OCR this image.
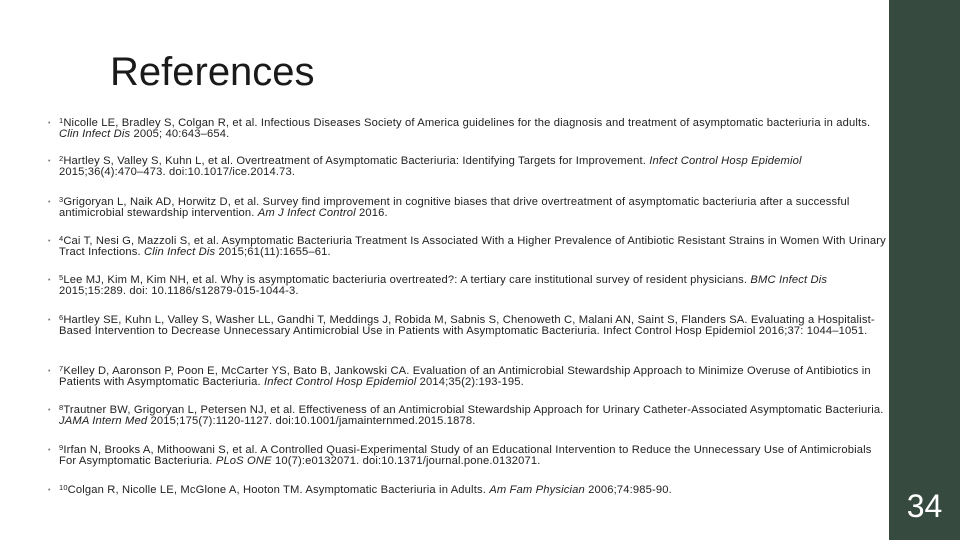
References
• $^1$Nicolle LE, Bradley S, Colgan R, et al. Infectious Diseases Society of America guidelines for the diagnosis and treatment of asymptomatic bacteriuria in adults. Clin Infect Dis 2005; 40:643–654.
• $^2$Hartley S, Valley S, Kuhn L, et al. Overtreatment of Asymptomatic Bacteriuria: Identifying Targets for Improvement. Infect Control Hosp Epidemiol 2015;36(4):470–473. doi:10.1017/ice.2014.73.
• $^3$Grigoryan L, Naik AD, Horwitz D, et al. Survey find improvement in cognitive biases that drive overtreatment of asymptomatic bacteriuria after a successful antimicrobial stewardship intervention. Am J Infect Control 2016.
• $^4$Cai T, Nesi G, Mazzoli S, et al. Asymptomatic Bacteriuria Treatment Is Associated With a Higher Prevalence of Antibiotic Resistant Strains in Women With Urinary Tract Infections. Clin Infect Dis 2015;61(11):1655–61.
• $^5$Lee MJ, Kim M, Kim NH, et al. Why is asymptomatic bacteriuria overtreated?: A tertiary care institutional survey of resident physicians. BMC Infect Dis 2015;15:289. doi: 10.1186/s12879-015-1044-3.
• $^6$Hartley SE, Kuhn L, Valley S, Washer LL, Gandhi T, Meddings J, Robida M, Sabnis S, Chenoweth C, Malani AN, Saint S, Flanders SA. Evaluating a Hospitalist-Based Intervention to Decrease Unnecessary Antimicrobial Use in Patients with Asymptomatic Bacteriuria. Infect Control Hosp Epidemiol 2016;37: 1044–1051.
• $^7$Kelley D, Aaronson P, Poon E, McCarter YS, Bato B, Jankowski CA. Evaluation of an Antimicrobial Stewardship Approach to Minimize Overuse of Antibiotics in Patients with Asymptomatic Bacteriuria. Infect Control Hosp Epidemiol 2014;35(2):193-195.
• $^8$Trautner BW, Grigoryan L, Petersen NJ, et al. Effectiveness of an Antimicrobial Stewardship Approach for Urinary Catheter-Associated Asymptomatic Bacteriuria. JAMA Intern Med 2015;175(7):1120-1127. doi:10.1001/jamainternmed.2015.1878.
• $^9$Irfan N, Brooks A, Mithoowani S, et al. A Controlled Quasi-Experimental Study of an Educational Intervention to Reduce the Unnecessary Use of Antimicrobials For Asymptomatic Bacteriuria. PLoS ONE 10(7):e0132071. doi:10.1371/journal.pone.0132071.
• $^{10}$Colgan R, Nicolle LE, McGlone A, Hooton TM. Asymptomatic Bacteriuria in Adults. Am Fam Physician 2006;74:985-90.	34
